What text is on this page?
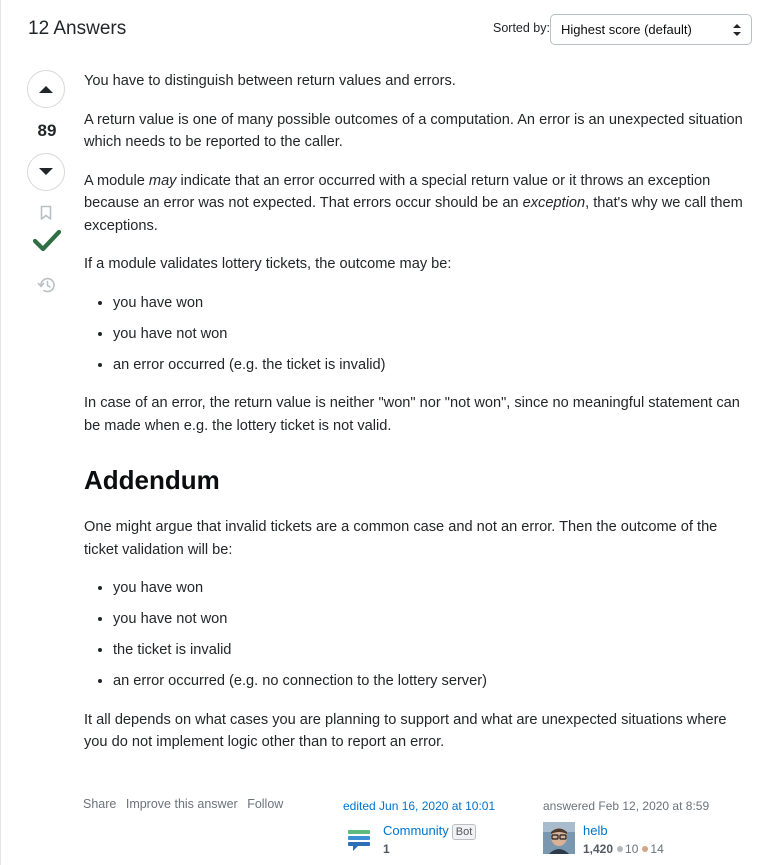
12 Answers	Sorted by: Highest score (default)
89

You have to distinguish between return values and errors.

A return value is one of many possible outcomes of a computation. An error is an unexpected situation which needs to be reported to the caller.

A module may indicate that an error occurred with a special return value or it throws an exception because an error was not expected. That errors occur should be an exception, that's why we call them exceptions.

If a module validates lottery tickets, the outcome may be:

• you have won
• you have not won
• an error occurred (e.g. the ticket is invalid)

In case of an error, the return value is neither "won" nor "not won", since no meaningful statement can be made when e.g. the lottery ticket is not valid.

Addendum

One might argue that invalid tickets are a common case and not an error. Then the outcome of the ticket validation will be:

• you have won
• you have not won
• the ticket is invalid
• an error occurred (e.g. no connection to the lottery server)

It all depends on what cases you are planning to support and what are unexpected situations where you do not implement logic other than to report an error.

Share Improve this answer Follow	edited Jun 16, 2020 at 10:01
Community Bot
1
answered Feb 12, 2020 at 8:59
helb
1,420 10 14
